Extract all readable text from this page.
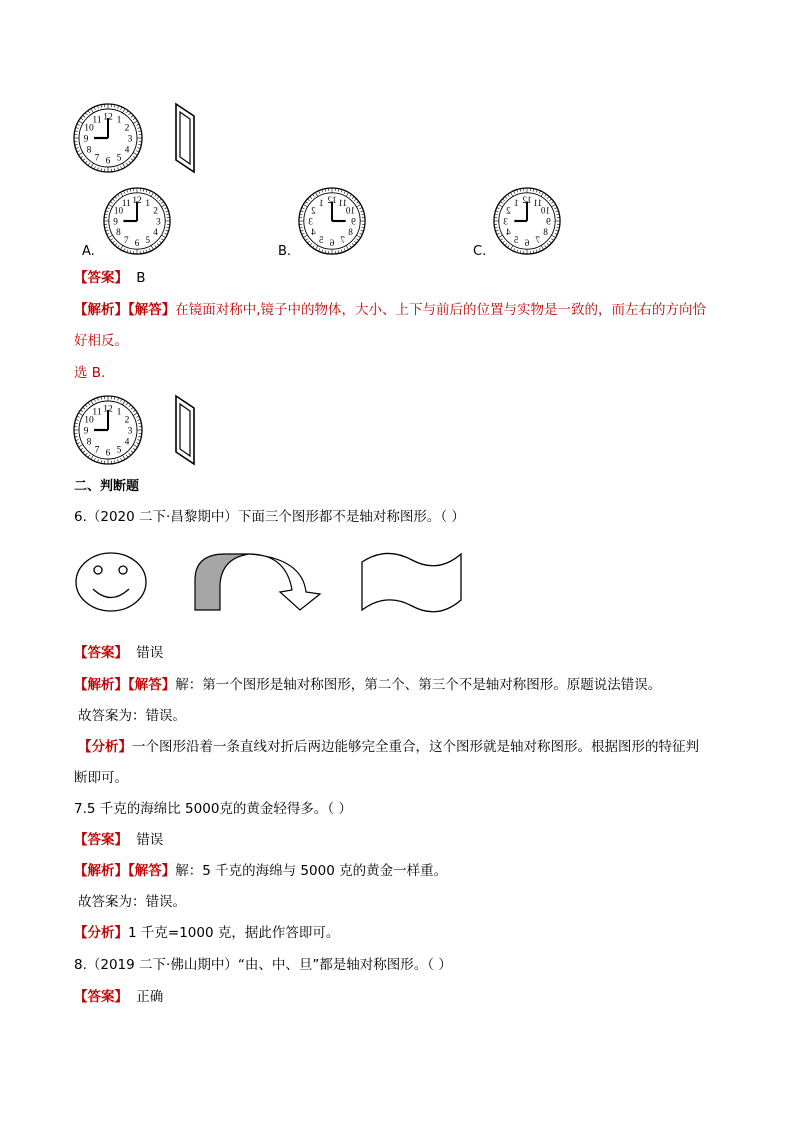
12 1
2
3
4
5
6
7
8
9
10
11
12 1
2
3
4
5
6
7
8
9
10
11	12
1
2
3
4
5 6 7
8
9
10
11	12
1
2
3
4
5 6 7
8
9
10
11
A.	B.	C.
【答案】 B
【解析】【解答】在镜面对称中,镜子中的物体，大小、上下与前后的位置与实物是一致的，而左右的方向恰
好相反。
选 B.
12 1
2
3
4
5
6
7
8
9
10
11
二、判断题
6.（2020 二下·昌黎期中）下面三个图形都不是轴对称图形。（ ）
【答案】 错误
【解析】【解答】解：第一个图形是轴对称图形，第二个、第三个不是轴对称图形。原题说法错误。
故答案为：错误。
【分析】一个图形沿着一条直线对折后两边能够完全重合，这个图形就是轴对称图形。根据图形的特征判
断即可。
7.5 千克的海绵比 5000克的黄金轻得多。（ ）
【答案】 错误
【解析】【解答】解：5 千克的海绵与 5000 克的黄金一样重。
故答案为：错误。
【分析】1 千克=1000 克，据此作答即可。
8.（2019 二下·佛山期中）“由、中、旦”都是轴对称图形。（ ）
【答案】 正确
